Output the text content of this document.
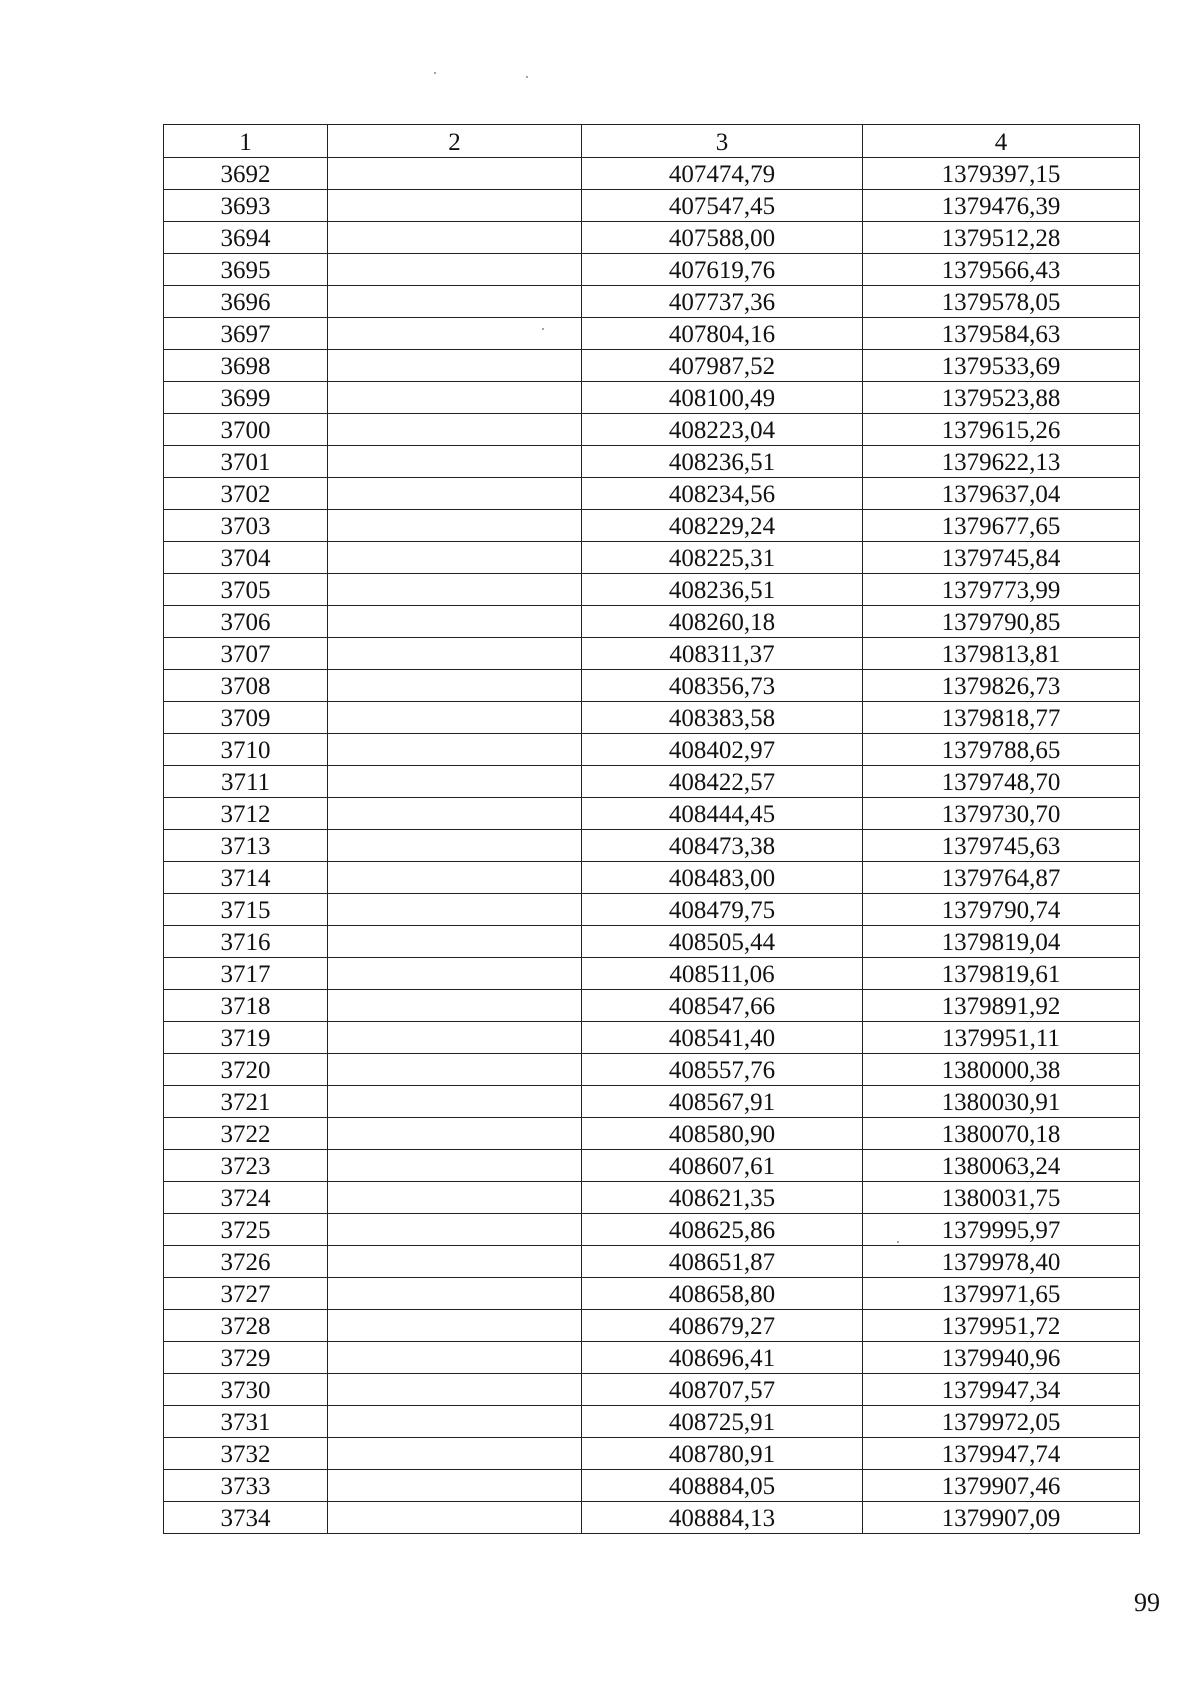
1	2	3	4
3692		407474,79	1379397,15
3693		407547,45	1379476,39
3694		407588,00	1379512,28
3695		407619,76	1379566,43
3696		407737,36	1379578,05
3697		407804,16	1379584,63
3698		407987,52	1379533,69
3699		408100,49	1379523,88
3700		408223,04	1379615,26
3701		408236,51	1379622,13
3702		408234,56	1379637,04
3703		408229,24	1379677,65
3704		408225,31	1379745,84
3705		408236,51	1379773,99
3706		408260,18	1379790,85
3707		408311,37	1379813,81
3708		408356,73	1379826,73
3709		408383,58	1379818,77
3710		408402,97	1379788,65
3711		408422,57	1379748,70
3712		408444,45	1379730,70
3713		408473,38	1379745,63
3714		408483,00	1379764,87
3715		408479,75	1379790,74
3716		408505,44	1379819,04
3717		408511,06	1379819,61
3718		408547,66	1379891,92
3719		408541,40	1379951,11
3720		408557,76	1380000,38
3721		408567,91	1380030,91
3722		408580,90	1380070,18
3723		408607,61	1380063,24
3724		408621,35	1380031,75
3725		408625,86	1379995,97
3726		408651,87	1379978,40
3727		408658,80	1379971,65
3728		408679,27	1379951,72
3729		408696,41	1379940,96
3730		408707,57	1379947,34
3731		408725,91	1379972,05
3732		408780,91	1379947,74
3733		408884,05	1379907,46
3734		408884,13	1379907,09
99
